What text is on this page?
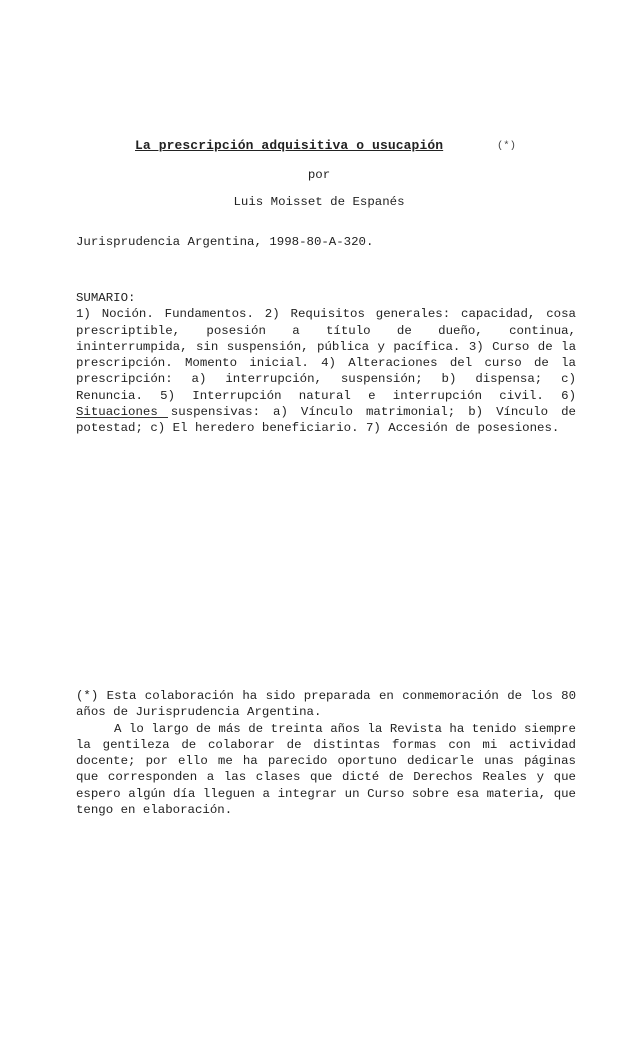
La prescripción adquisitiva o usucapión	(*)
por
Luis Moisset de Espanés
Jurisprudencia Argentina, 1998-80-A-320.

SUMARIO:

1) Noción. Fundamentos. 2) Requisitos generales: capacidad, cosa prescriptible, posesión a título de dueño, continua, ininterrumpida, sin suspensión, pública y pacífica. 3) Curso de la prescripción. Momento inicial. 4) Alteraciones del curso de la prescripción: a) interrupción, suspensión; b) dispensa; c) Renuncia. 5) Interrupción natural e interrupción civil. 6) Situaciones suspensivas: a) Vínculo matrimonial; b) Vínculo de potestad; c) El heredero beneficiario. 7) Accesión de posesiones.

(*) Esta colaboración ha sido preparada en conmemoración de los 80 años de Jurisprudencia Argentina.

A lo largo de más de treinta años la Revista ha tenido siempre la gentileza de colaborar de distintas formas con mi actividad docente; por ello me ha parecido oportuno dedicarle unas páginas que corresponden a las clases que dicté de Derechos Reales y que espero algún día lleguen a integrar un Curso sobre esa materia, que tengo en elaboración.
